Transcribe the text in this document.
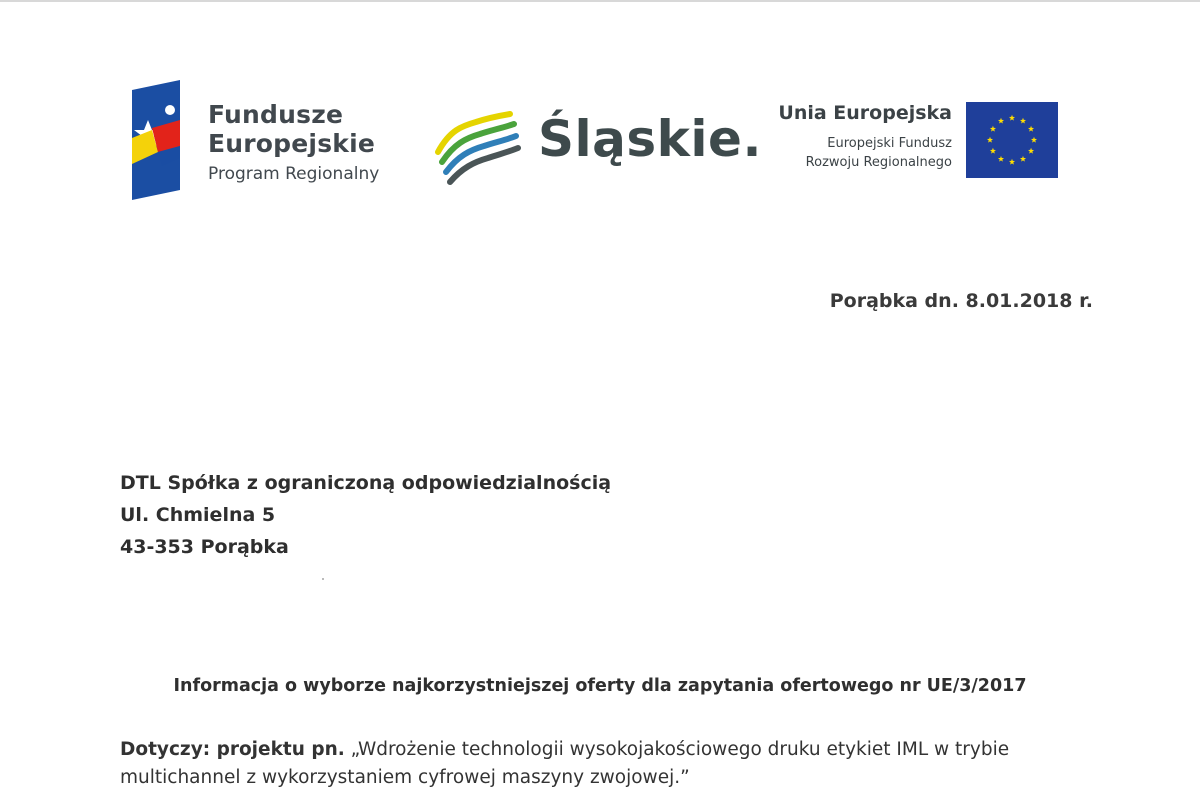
Fundusze
Europejskie
Program Regionalny
Śląskie. Unia Europejska
Europejski Fundusz
Rozwoju Regionalnego
Porąbka dn. 8.01.2018 r.
DTL Spółka z ograniczoną odpowiedzialnością
Ul. Chmielna 5
43-353 Porąbka
Informacja o wyborze najkorzystniejszej oferty dla zapytania ofertowego nr UE/3/2017
Dotyczy: projektu pn. „Wdrożenie technologii wysokojakościowego druku etykiet IML w trybie multichannel z wykorzystaniem cyfrowej maszyny zwojowej.”
